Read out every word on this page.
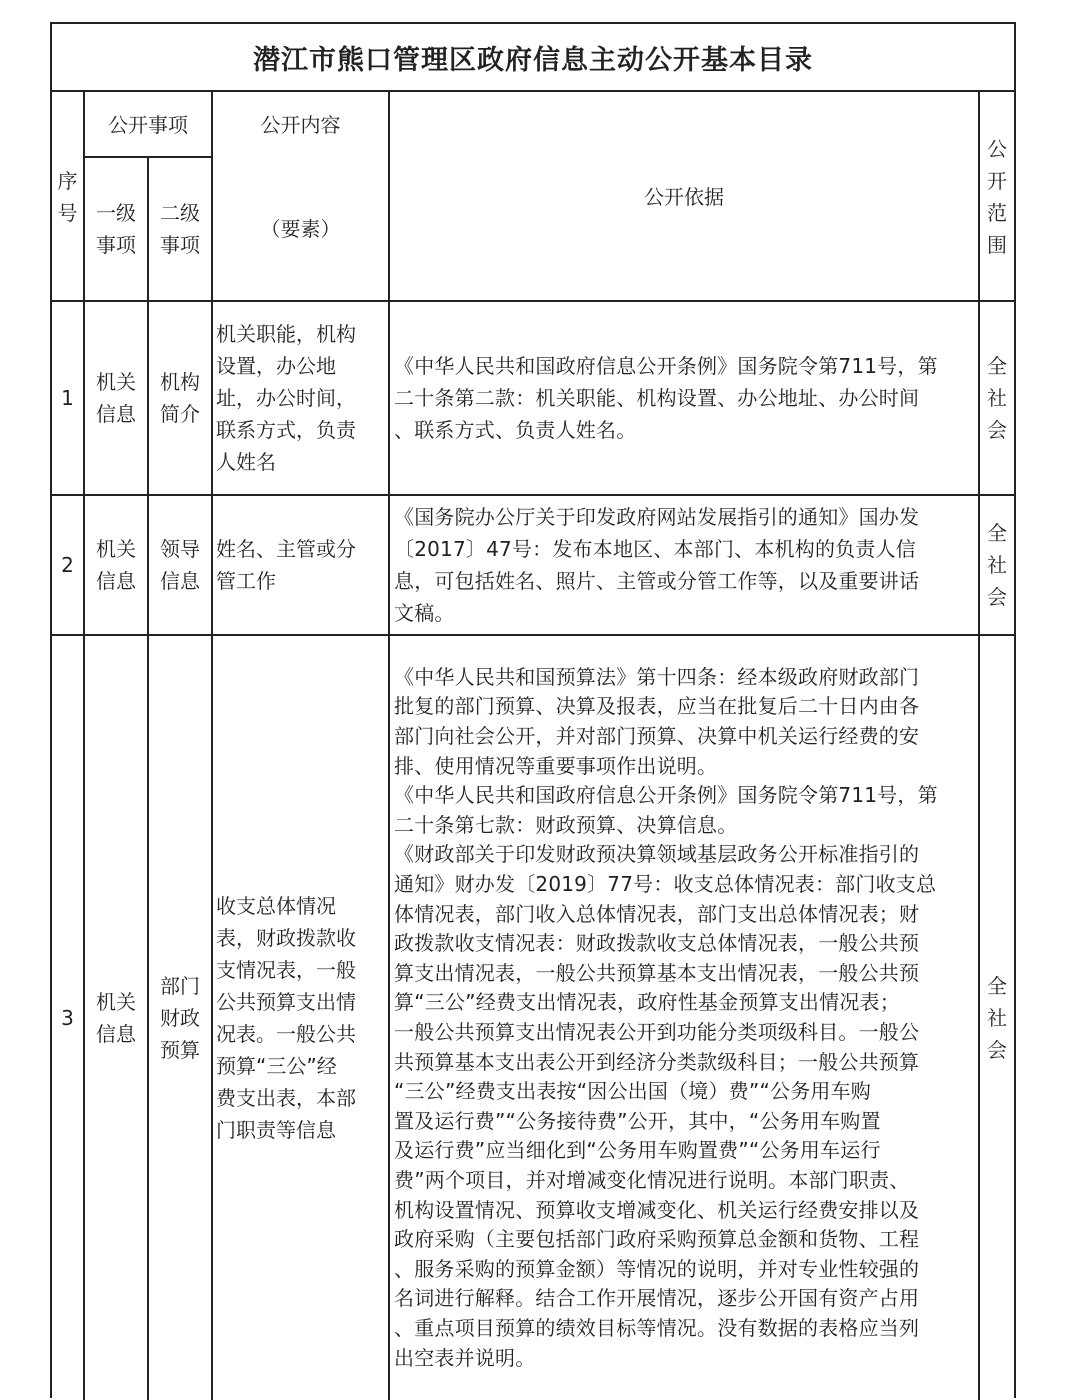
潜江市熊口管理区政府信息主动公开基本目录
序
号
公开事项
一级
事项
二级
事项
公开内容
（要素）
公开依据
公
开
范
围
1
机关
信息
机构
简介
机关职能，机构
设置，办公地
址，办公时间，
联系方式，负责
人姓名
《中华人民共和国政府信息公开条例》国务院令第711号，第
二十条第二款：机关职能、机构设置、办公地址、办公时间
、联系方式、负责人姓名。
全
社
会
2
机关
信息
领导
信息
姓名、主管或分
管工作
《国务院办公厅关于印发政府网站发展指引的通知》国办发
〔2017〕47号：发布本地区、本部门、本机构的负责人信
息，可包括姓名、照片、主管或分管工作等，以及重要讲话
文稿。
全
社
会
3
机关
信息
部门
财政
预算
收支总体情况
表，财政拨款收
支情况表，一般
公共预算支出情
况表。一般公共
预算“三公”经
费支出表，本部
门职责等信息
《中华人民共和国预算法》第十四条：经本级政府财政部门
批复的部门预算、决算及报表，应当在批复后二十日内由各
部门向社会公开，并对部门预算、决算中机关运行经费的安
排、使用情况等重要事项作出说明。
《中华人民共和国政府信息公开条例》国务院令第711号，第
二十条第七款：财政预算、决算信息。
《财政部关于印发财政预决算领域基层政务公开标准指引的
通知》财办发〔2019〕77号：收支总体情况表：部门收支总
体情况表，部门收入总体情况表，部门支出总体情况表；财
政拨款收支情况表：财政拨款收支总体情况表，一般公共预
算支出情况表，一般公共预算基本支出情况表，一般公共预
算“三公”经费支出情况表，政府性基金预算支出情况表；
一般公共预算支出情况表公开到功能分类项级科目。一般公
共预算基本支出表公开到经济分类款级科目；一般公共预算
“三公”经费支出表按“因公出国（境）费”“公务用车购
置及运行费”“公务接待费”公开，其中，“公务用车购置
及运行费”应当细化到“公务用车购置费”“公务用车运行
费”两个项目，并对增减变化情况进行说明。本部门职责、
机构设置情况、预算收支增减变化、机关运行经费安排以及
政府采购（主要包括部门政府采购预算总金额和货物、工程
、服务采购的预算金额）等情况的说明，并对专业性较强的
名词进行解释。结合工作开展情况，逐步公开国有资产占用
、重点项目预算的绩效目标等情况。没有数据的表格应当列
出空表并说明。
全
社
会
